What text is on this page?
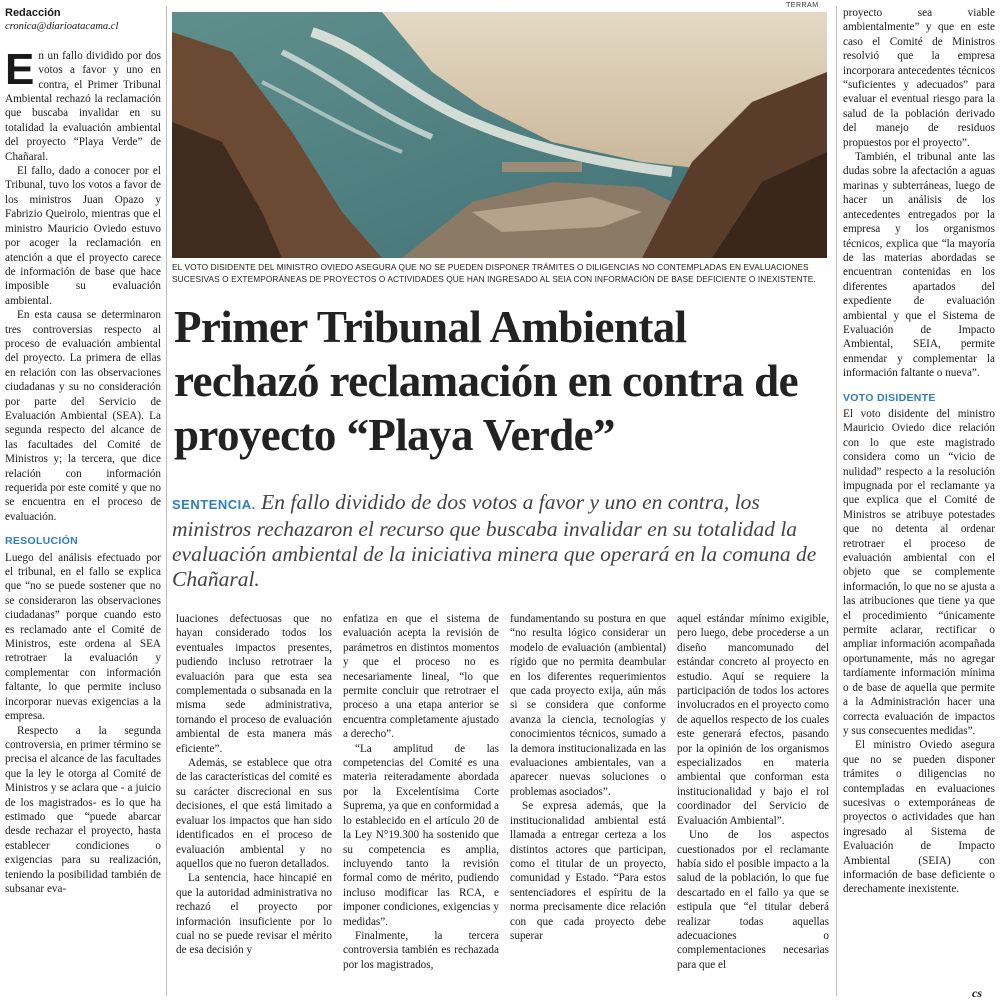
Redacción
cronica@diarioatacama.cl

En un fallo dividido por dos votos a favor y uno en contra, el Primer Tribunal Ambiental rechazó la reclamación que buscaba invalidar en su totalidad la evaluación ambiental del proyecto “Playa Verde” de Chañaral.

El fallo, dado a conocer por el Tribunal, tuvo los votos a favor de los ministros Juan Opazo y Fabrizio Queirolo, mientras que el ministro Mauricio Oviedo estuvo por acoger la reclamación en atención a que el proyecto carece de información de base que hace imposible su evaluación ambiental.

En esta causa se determinaron tres controversias respecto al proceso de evaluación ambiental del proyecto. La primera de ellas en relación con las observaciones ciudadanas y su no consideración por parte del Servicio de Evaluación Ambiental (SEA). La segunda respecto del alcance de las facultades del Comité de Ministros y; la tercera, que dice relación con información requerida por este comité y que no se encuentra en el proceso de evaluación.

RESOLUCIÓN

Luego del análisis efectuado por el tribunal, en el fallo se explica que “no se puede sostener que no se consideraron las observaciones ciudadanas” porque cuando esto es reclamado ante el Comité de Ministros, este ordena al SEA retrotraer la evaluación y complementar con información faltante, lo que permite incluso incorporar nuevas exigencias a la empresa.

Respecto a la segunda controversia, en primer término se precisa el alcance de las facultades que la ley le otorga al Comité de Ministros y se aclara que - a juicio de los magistrados- es lo que ha estimado que “puede abarcar desde rechazar el proyecto, hasta establecer condiciones o exigencias para su realización, teniendo la posibilidad también de subsanar eva-

TERRAM
EL VOTO DISIDENTE DEL MINISTRO OVIEDO ASEGURA QUE NO SE PUEDEN DISPONER TRÁMITES O DILIGENCIAS NO CONTEMPLADAS EN EVALUACIONES SUCESIVAS O EXTEMPORÁNEAS DE PROYECTOS O ACTIVIDADES QUE HAN INGRESADO AL SEIA CON INFORMACIÓN DE BASE DEFICIENTE O INEXISTENTE.
Primer Tribunal Ambiental rechazó reclamación en contra de proyecto “Playa Verde”
SENTENCIA. En fallo dividido de dos votos a favor y uno en contra, los ministros rechazaron el recurso que buscaba invalidar en su totalidad la evaluación ambiental de la iniciativa minera que operará en la comuna de Chañaral.

luaciones defectuosas que no hayan considerado todos los eventuales impactos presentes, pudiendo incluso retrotraer la evaluación para que esta sea complementada o subsanada en la misma sede administrativa, tornando el proceso de evaluación ambiental de esta manera más eficiente”.

Además, se establece que otra de las características del comité es su carácter discrecional en sus decisiones, el que está limitado a evaluar los impactos que han sido identificados en el proceso de evaluación ambiental y no aquellos que no fueron detallados.

La sentencia, hace hincapié en que la autoridad administrativa no rechazó el proyecto por información insuficiente por lo cual no se puede revisar el mérito de esa decisión y

enfatiza en que el sistema de evaluación acepta la revisión de parámetros en distintos momentos y que el proceso no es necesariamente lineal, “lo que permite concluir que retrotraer el proceso a una etapa anterior se encuentra completamente ajustado a derecho”.

“La amplitud de las competencias del Comité es una materia reiteradamente abordada por la Excelentísima Corte Suprema, ya que en conformidad a lo establecido en el artículo 20 de la Ley N°19.300 ha sostenido que su competencia es amplia, incluyendo tanto la revisión formal como de mérito, pudiendo incluso modificar las RCA, e imponer condiciones, exigencias y medidas”.

Finalmente, la tercera controversia también es rechazada por los magistrados,

fundamentando su postura en que “no resulta lógico considerar un modelo de evaluación (ambiental) rígido que no permita deambular en los diferentes requerimientos que cada proyecto exija, aún más si se considera que conforme avanza la ciencia, tecnologías y conocimientos técnicos, sumado a la demora institucionalizada en las evaluaciones ambientales, van a aparecer nuevas soluciones o problemas asociados”.

Se expresa además, que la institucionalidad ambiental está llamada a entregar certeza a los distintos actores que participan, como el titular de un proyecto, comunidad y Estado. “Para estos sentenciadores el espíritu de la norma precisamente dice relación con que cada proyecto debe superar

aquel estándar mínimo exigible, pero luego, debe procederse a un diseño mancomunado del estándar concreto al proyecto en estudio. Aquí se requiere la participación de todos los actores involucrados en el proyecto como de aquellos respecto de los cuales este generará efectos, pasando por la opinión de los organismos especializados en materia ambiental que conforman esta institucionalidad y bajo el rol coordinador del Servicio de Evaluación Ambiental”.

Uno de los aspectos cuestionados por el reclamante había sido el posible impacto a la salud de la población, lo que fue descartado en el fallo ya que se estipula que “el titular deberá realizar todas aquellas adecuaciones o complementaciones necesarias para que el

proyecto sea viable ambientalmente” y que en este caso el Comité de Ministros resolvió que la empresa incorporara antecedentes técnicos “suficientes y adecuados” para evaluar el eventual riesgo para la salud de la población derivado del manejo de residuos propuestos por el proyecto”.

También, el tribunal ante las dudas sobre la afectación a aguas marinas y subterráneas, luego de hacer un análisis de los antecedentes entregados por la empresa y los organismos técnicos, explica que “la mayoría de las materias abordadas se encuentran contenidas en los diferentes apartados del expediente de evaluación ambiental y que el Sistema de Evaluación de Impacto Ambiental, SEIA, permite enmendar y complementar la información faltante o nueva”.

VOTO DISIDENTE

El voto disidente del ministro Mauricio Oviedo dice relación con lo que este magistrado considera como un “vicio de nulidad” respecto a la resolución impugnada por el reclamante ya que explica que el Comité de Ministros se atribuye potestades que no detenta al ordenar retrotraer el proceso de evaluación ambiental con el objeto que se complemente información, lo que no se ajusta a las atribuciones que tiene ya que el procedimiento “únicamente permite aclarar, rectificar o ampliar información acompañada oportunamente, más no agregar tardíamente información mínima o de base de aquella que permite a la Administración hacer una correcta evaluación de impactos y sus consecuentes medidas”.

El ministro Oviedo asegura que no se pueden disponer trámites o diligencias no contempladas en evaluaciones sucesivas o extemporáneas de proyectos o actividades que han ingresado al Sistema de Evaluación de Impacto Ambiental (SEIA) con información de base deficiente o derechamente inexistente.

cs
